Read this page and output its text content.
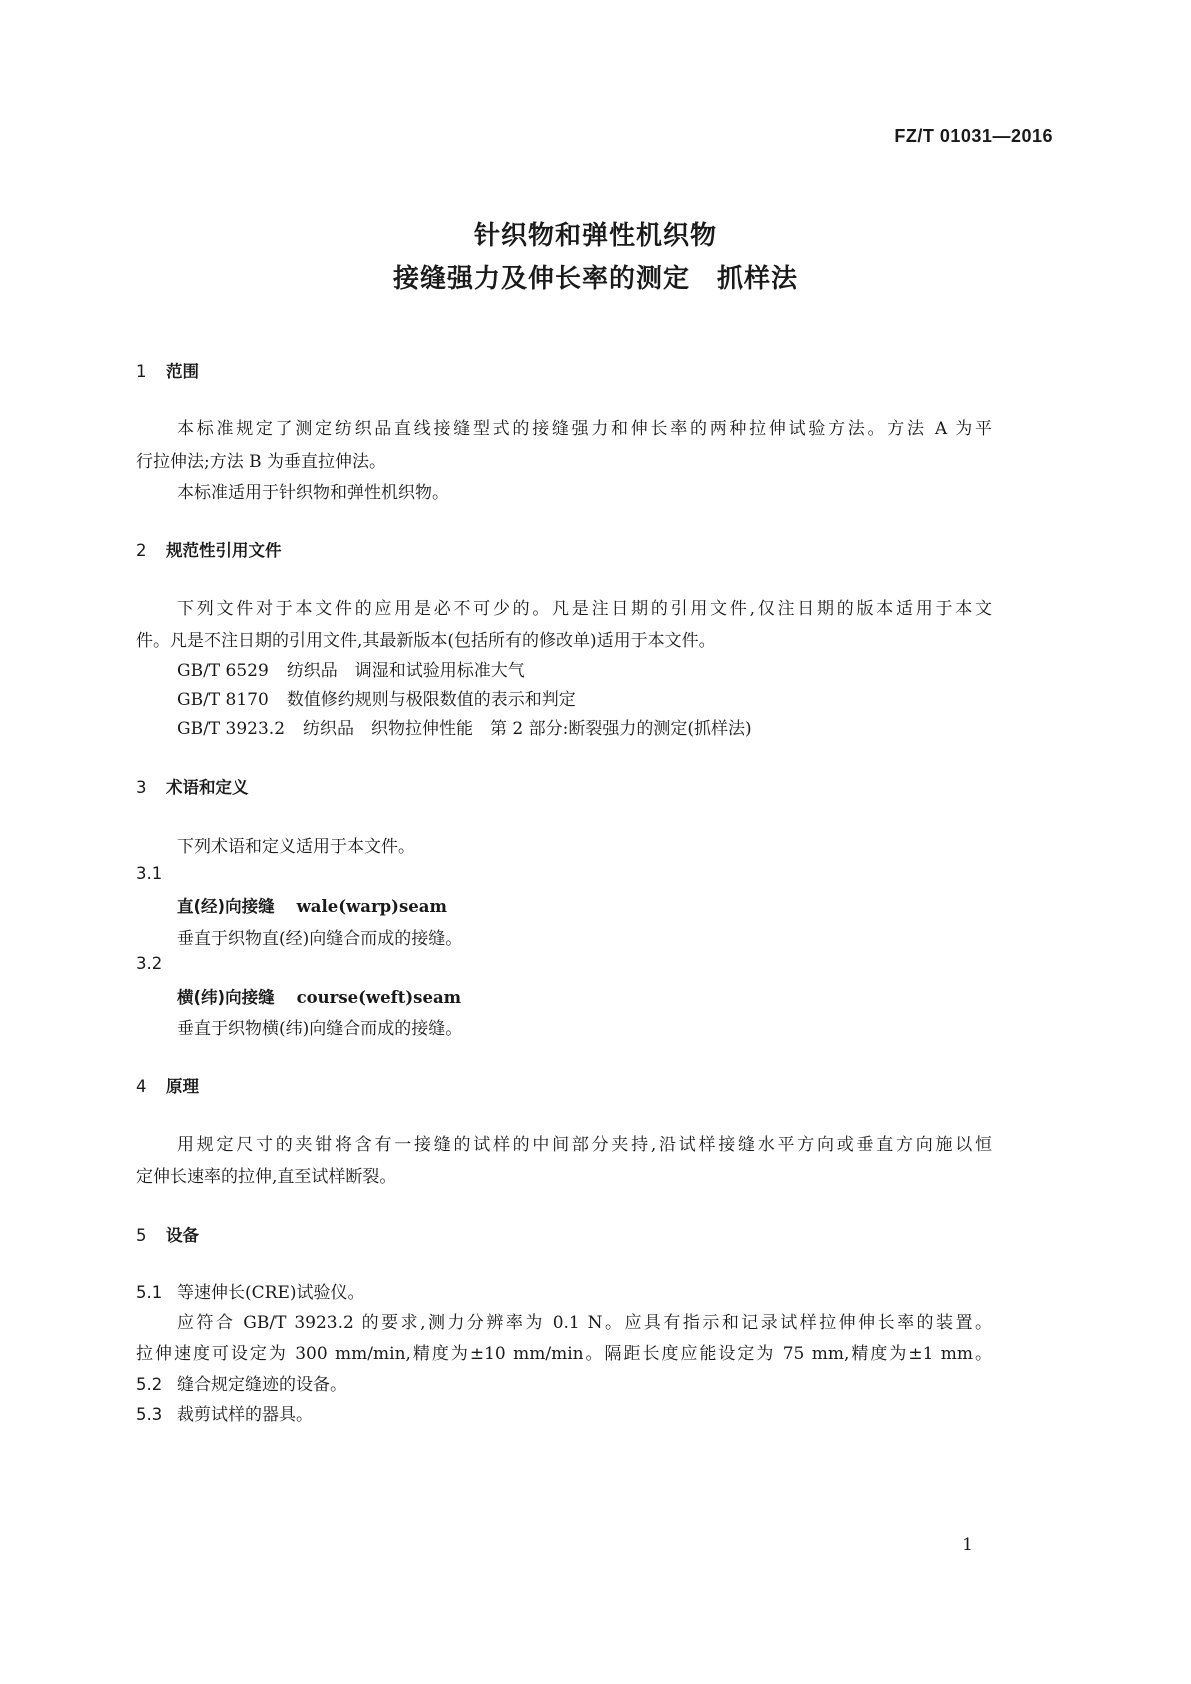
FZ/T 01031—2016
针织物和弹性机织物
接缝强力及伸长率的测定　抓样法
1 范围
本标准规定了测定纺织品直线接缝型式的接缝强力和伸长率的两种拉伸试验方法。方法 A 为平
行拉伸法;方法 B 为垂直拉伸法。
本标准适用于针织物和弹性机织物。
2 规范性引用文件
下列文件对于本文件的应用是必不可少的。凡是注日期的引用文件,仅注日期的版本适用于本文
件。凡是不注日期的引用文件,其最新版本(包括所有的修改单)适用于本文件。
GB/T 6529 纺织品　调湿和试验用标准大气
GB/T 8170 数值修约规则与极限数值的表示和判定
GB/T 3923.2 纺织品　织物拉伸性能　第 2 部分:断裂强力的测定(抓样法)
3 术语和定义
下列术语和定义适用于本文件。
3.1
直(经)向接缝 wale(warp)seam
垂直于织物直(经)向缝合而成的接缝。
3.2
横(纬)向接缝 course(weft)seam
垂直于织物横(纬)向缝合而成的接缝。
4 原理
用规定尺寸的夹钳将含有一接缝的试样的中间部分夹持,沿试样接缝水平方向或垂直方向施以恒
定伸长速率的拉伸,直至试样断裂。
5 设备
5.1 等速伸长(CRE)试验仪。
应符合 GB/T 3923.2 的要求,测力分辨率为 0.1 N。应具有指示和记录试样拉伸伸长率的装置。
拉伸速度可设定为 300 mm/min,精度为±10 mm/min。隔距长度应能设定为 75 mm,精度为±1 mm。
5.2 缝合规定缝迹的设备。
5.3 裁剪试样的器具。
1
